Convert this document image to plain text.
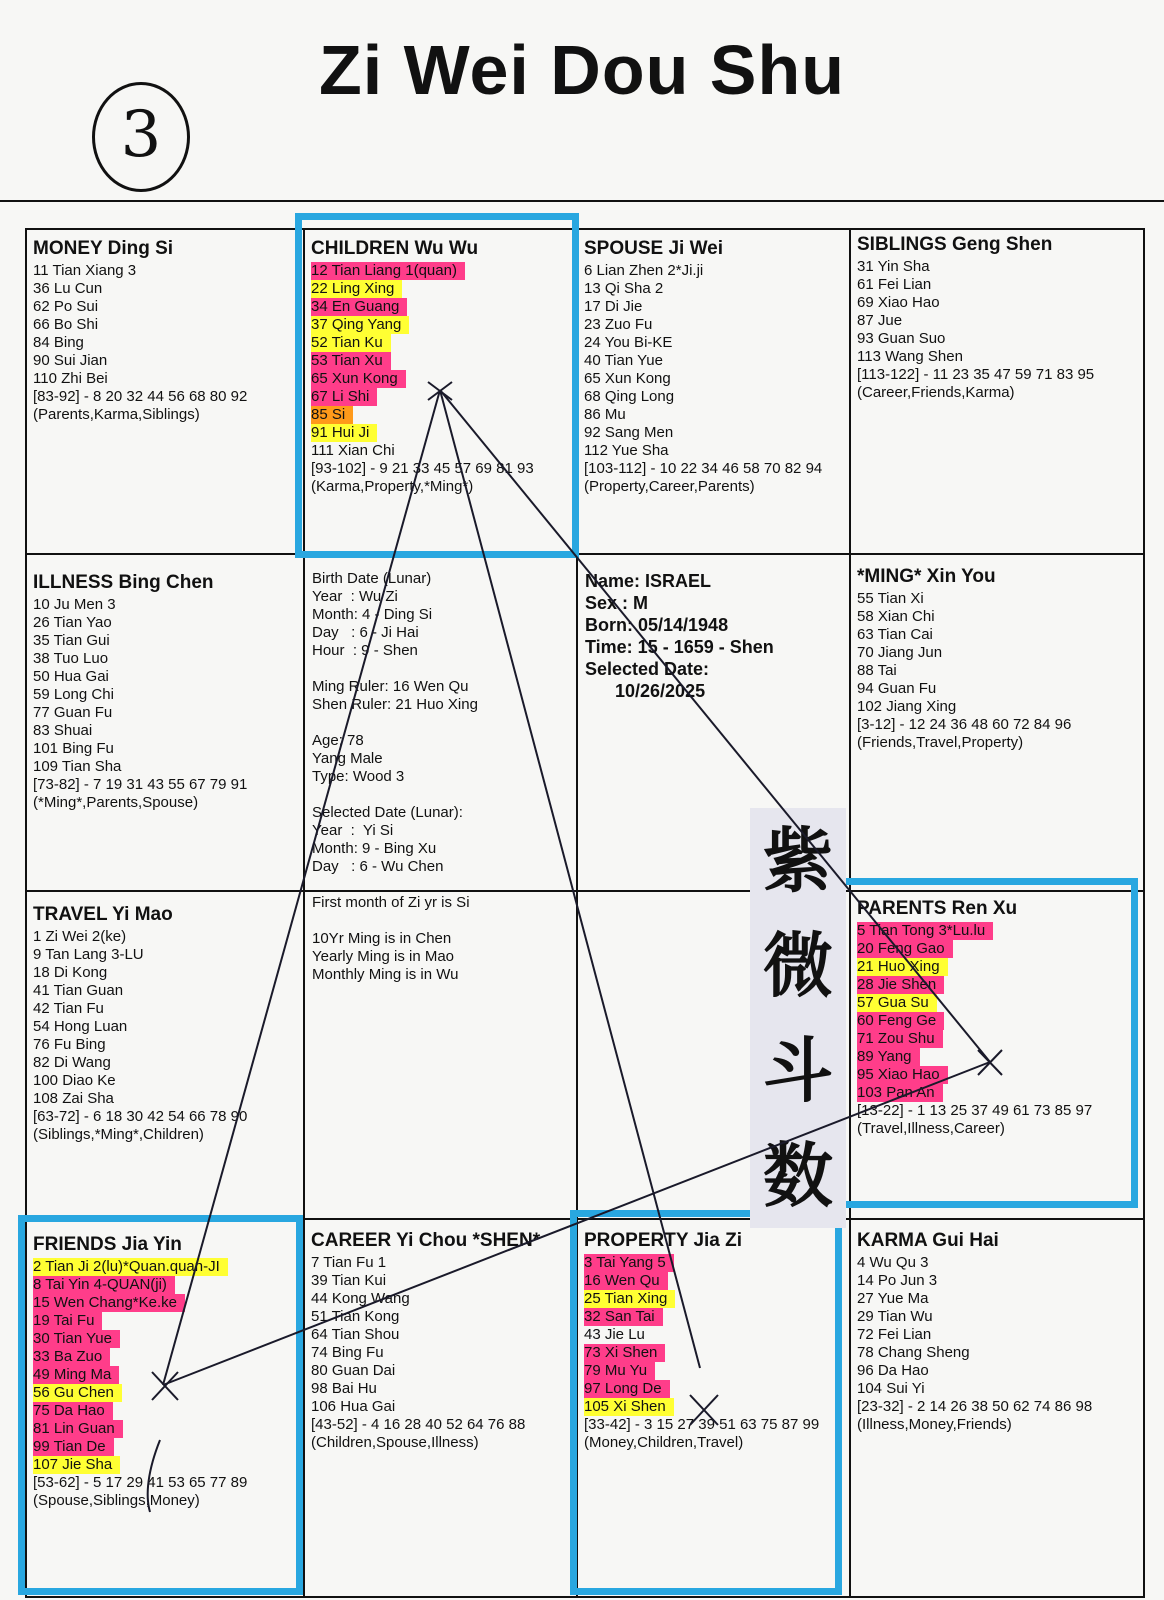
Zi Wei Dou Shu
3
MONEY Ding Si
11 Tian Xiang 3
36 Lu Cun
62 Po Sui
66 Bo Shi
84 Bing
90 Sui Jian
110 Zhi Bei
[83-92] - 8 20 32 44 56 68 80 92
(Parents,Karma,Siblings)
CHILDREN Wu Wu
12 Tian Liang 1(quan)
22 Ling Xing
34 En Guang
37 Qing Yang
52 Tian Ku
53 Tian Xu
65 Xun Kong
67 Li Shi
85 Si
91 Hui Ji
111 Xian Chi
[93-102] - 9 21 33 45 57 69 81 93
(Karma,Property,*Ming*)
SPOUSE Ji Wei
6 Lian Zhen 2*Ji.ji
13 Qi Sha 2
17 Di Jie
23 Zuo Fu
24 You Bi-KE
40 Tian Yue
65 Xun Kong
68 Qing Long
86 Mu
92 Sang Men
112 Yue Sha
[103-112] - 10 22 34 46 58 70 82 94
(Property,Career,Parents)
SIBLINGS Geng Shen
31 Yin Sha
61 Fei Lian
69 Xiao Hao
87 Jue
93 Guan Suo
113 Wang Shen
[113-122] - 11 23 35 47 59 71 83 95
(Career,Friends,Karma)
ILLNESS Bing Chen
10 Ju Men 3
26 Tian Yao
35 Tian Gui
38 Tuo Luo
50 Hua Gai
59 Long Chi
77 Guan Fu
83 Shuai
101 Bing Fu
109 Tian Sha
[73-82] - 7 19 31 43 55 67 79 91
(*Ming*,Parents,Spouse)
*MING* Xin You
55 Tian Xi
58 Xian Chi
63 Tian Cai
70 Jiang Jun
88 Tai
94 Guan Fu
102 Jiang Xing
[3-12] - 12 24 36 48 60 72 84 96
(Friends,Travel,Property)
TRAVEL Yi Mao
1 Zi Wei 2(ke)
9 Tan Lang 3-LU
18 Di Kong
41 Tian Guan
42 Tian Fu
54 Hong Luan
76 Fu Bing
82 Di Wang
100 Diao Ke
108 Zai Sha
[63-72] - 6 18 30 42 54 66 78 90
(Siblings,*Ming*,Children)
PARENTS Ren Xu
5 Tian Tong 3*Lu.lu
20 Feng Gao
21 Huo Xing
28 Jie Shen
57 Gua Su
60 Feng Ge
71 Zou Shu
89 Yang
95 Xiao Hao
103 Pan An
[13-22] - 1 13 25 37 49 61 73 85 97
(Travel,Illness,Career)
FRIENDS Jia Yin
2 Tian Ji 2(lu)*Quan.quan-JI
8 Tai Yin 4-QUAN(ji)
15 Wen Chang*Ke.ke
19 Tai Fu
30 Tian Yue
33 Ba Zuo
49 Ming Ma
56 Gu Chen
75 Da Hao
81 Lin Guan
99 Tian De
107 Jie Sha
[53-62] - 5 17 29 41 53 65 77 89
(Spouse,Siblings,Money)
CAREER Yi Chou *SHEN*
7 Tian Fu 1
39 Tian Kui
44 Kong Wang
51 Tian Kong
64 Tian Shou
74 Bing Fu
80 Guan Dai
98 Bai Hu
106 Hua Gai
[43-52] - 4 16 28 40 52 64 76 88
(Children,Spouse,Illness)
PROPERTY Jia Zi
3 Tai Yang 5
16 Wen Qu
25 Tian Xing
32 San Tai
43 Jie Lu
73 Xi Shen
79 Mu Yu
97 Long De
105 Xi Shen
[33-42] - 3 15 27 39 51 63 75 87 99
(Money,Children,Travel)
KARMA Gui Hai
4 Wu Qu 3
14 Po Jun 3
27 Yue Ma
29 Tian Wu
72 Fei Lian
78 Chang Sheng
96 Da Hao
104 Sui Yi
[23-32] - 2 14 26 38 50 62 74 86 98
(Illness,Money,Friends)
Birth Date (Lunar)
Year  : Wu Zi
Month: 4 - Ding Si
Day   : 6 - Ji Hai
Hour  : 9 - Shen
Ming Ruler: 16 Wen Qu
Shen Ruler: 21 Huo Xing
Age: 78
Yang Male
Type: Wood 3
Selected Date (Lunar):
Year  :  Yi Si
Month: 9 - Bing Xu
Day   : 6 - Wu Chen
First month of Zi yr is Si
10Yr Ming is in Chen
Yearly Ming is in Mao
Monthly Ming is in Wu
Name: ISRAEL
Sex : M
Born: 05/14/1948
Time: 15 - 1659 - Shen
Selected Date:
10/26/2025
紫
微
斗
数
